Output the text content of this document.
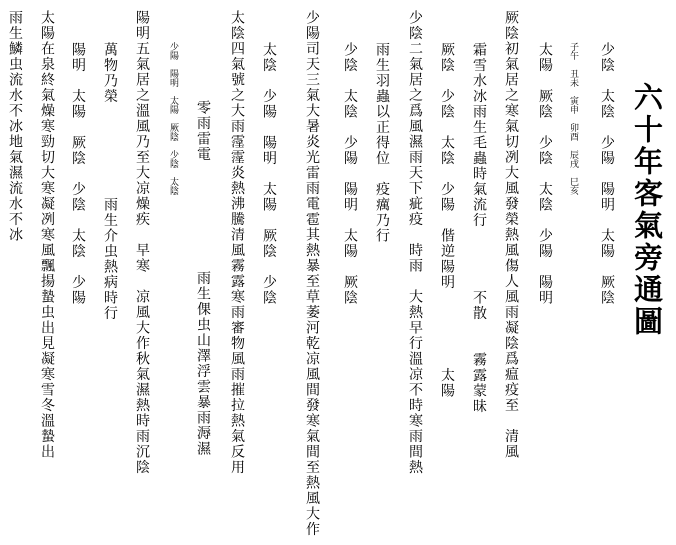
六十年客氣旁通圖
少陰　太陰　少陽　陽明　太陽　厥陰
子午　丑未　寅申　卯酉　辰戌　巳亥
太陽　厥陰　少陰　太陰　少陽　陽明
厥陰初氣居之寒氣切冽大風發榮熱風傷人風雨凝陰爲瘟疫至　清風
霜雪水冰雨生毛蟲時氣流行　　　　不散　　霧露蒙昧
厥陰　少陰　太陰　少陽　偕逆陽明　　　　　太陽
少陰二氣居之爲風濕雨天下疵疫　時雨　大熱早行溫凉不時寒雨間熱
雨生羽蟲以正得位　疫癘乃行
少陰　太陰　少陽　陽明　太陽　厥陰
少陽司天三氣大暑炎光雷雨電雹其熱暴至草萎河乾凉風間發寒氣間至熱風大作
太陰　少陽　陽明　太陽　厥陰　少陰
太陰四氣號之大雨霪霪炎熱沸騰清風霧露寒雨審物風雨摧拉熱氣反用
零雨雷電　　　　　　　雨生倮虫山澤浮雲暴雨溽濕
少陽　陽明　太陽　厥陰　少陰　太陰
陽明五氣居之溫風乃至大凉燥疾　早寒　凉風大作秋氣濕熱時雨沉陰
萬物乃榮　　　　　　雨生介虫熱病時行
陽明　太陽　厥陰　少陰　太陰　少陽
太陽在泉終氣燥寒勁切大寒凝冽寒風飄揚蟄虫出見凝寒雪冬溫蟄出
雨生鱗虫流水不冰地氣濕流水不冰
